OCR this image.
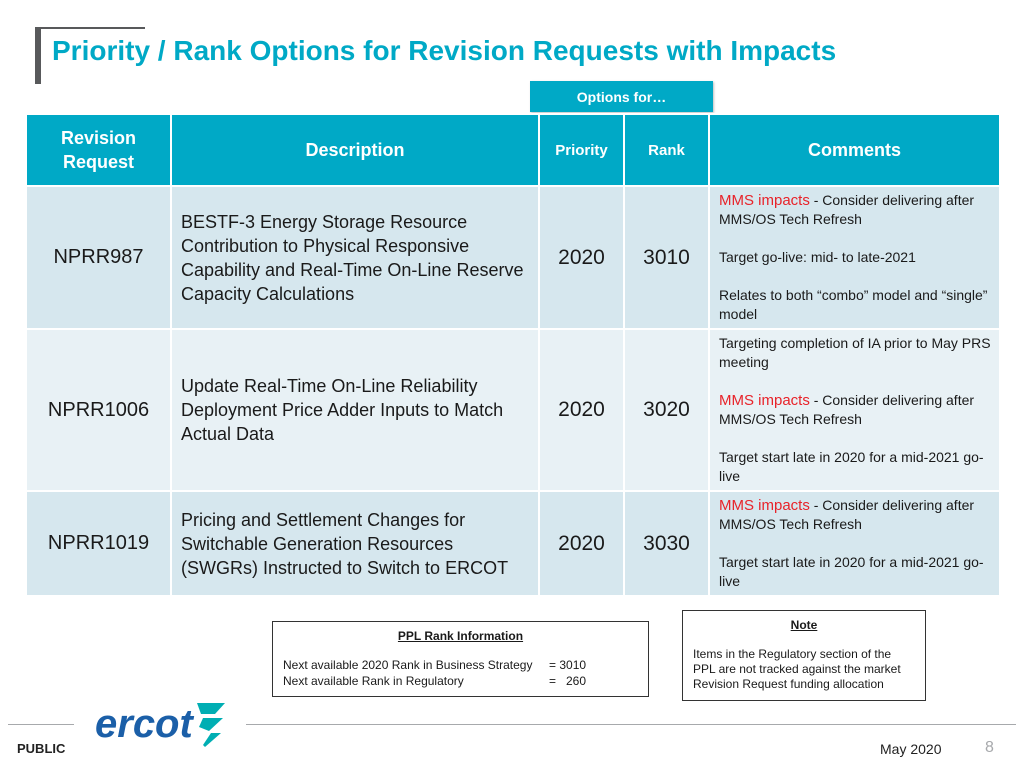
Priority / Rank Options for Revision Requests with Impacts
Options for…
Revision Request	Description	Priority	Rank	Comments
NPRR987	BESTF-3 Energy Storage Resource Contribution to Physical Responsive Capability and Real-Time On-Line Reserve Capacity Calculations	2020	3010	MMS impacts - Consider delivering after MMS/OS Tech Refresh
Target go-live: mid- to late-2021
Relates to both “combo” model and “single” model

NPRR1006	Update Real-Time On-Line Reliability Deployment Price Adder Inputs to Match Actual Data	2020	3020	Targeting completion of IA prior to May PRS meeting
MMS impacts - Consider delivering after MMS/OS Tech Refresh
Target start late in 2020 for a mid-2021 go-live

NPRR1019	Pricing and Settlement Changes for Switchable Generation Resources (SWGRs) Instructed to Switch to ERCOT	2020	3030	MMS impacts - Consider delivering after MMS/OS Tech Refresh
Target start late in 2020 for a mid-2021 go-live
PPL Rank Information
Next available 2020 Rank in Business Strategy	= 3010
Next available Rank in Regulatory	=   260
Note
Items in the Regulatory section of the PPL are not tracked against the market Revision Request funding allocation
ercot
PUBLIC	May 2020	8
